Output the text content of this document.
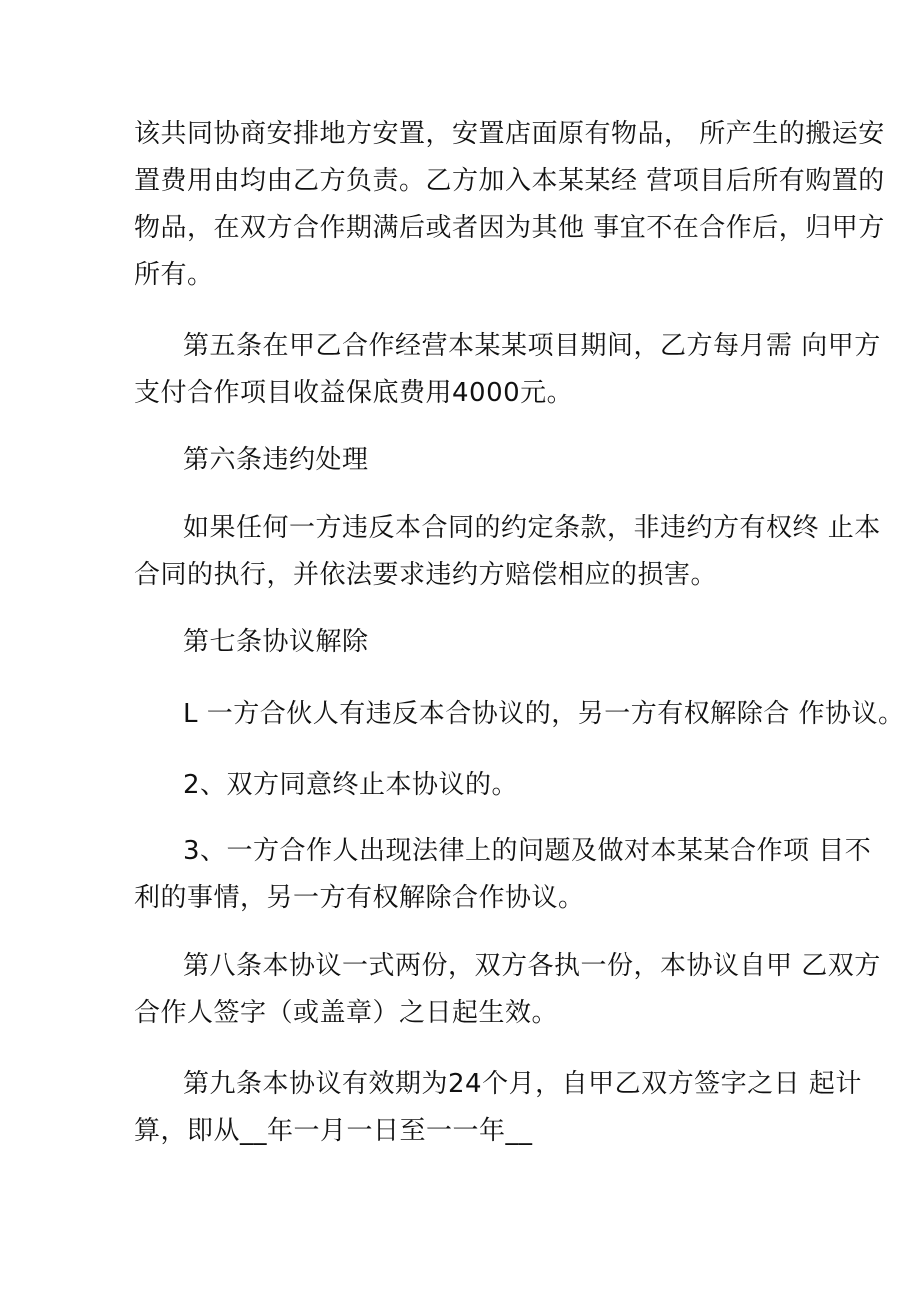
该共同协商安排地方安置，安置店面原有物品， 所产生的搬运安
置费用由均由乙方负责。乙方加入本某某经 营项目后所有购置的
物品，在双方合作期满后或者因为其他 事宜不在合作后，归甲方
所有。
第五条在甲乙合作经营本某某项目期间，乙方每月需 向甲方
支付合作项目收益保底费用4000元。
第六条违约处理
如果任何一方违反本合同的约定条款，非违约方有权终 止本
合同的执行，并依法要求违约方赔偿相应的损害。
第七条协议解除
L 一方合伙人有违反本合协议的，另一方有权解除合 作协议。
2、双方同意终止本协议的。
3、一方合作人出现法律上的问题及做对本某某合作项 目不
利的事情，另一方有权解除合作协议。
第八条本协议一式两份，双方各执一份，本协议自甲 乙双方
合作人签字（或盖章）之日起生效。
第九条本协议有效期为24个月，自甲乙双方签字之日 起计
算，即从__年一月一日至一一年__
